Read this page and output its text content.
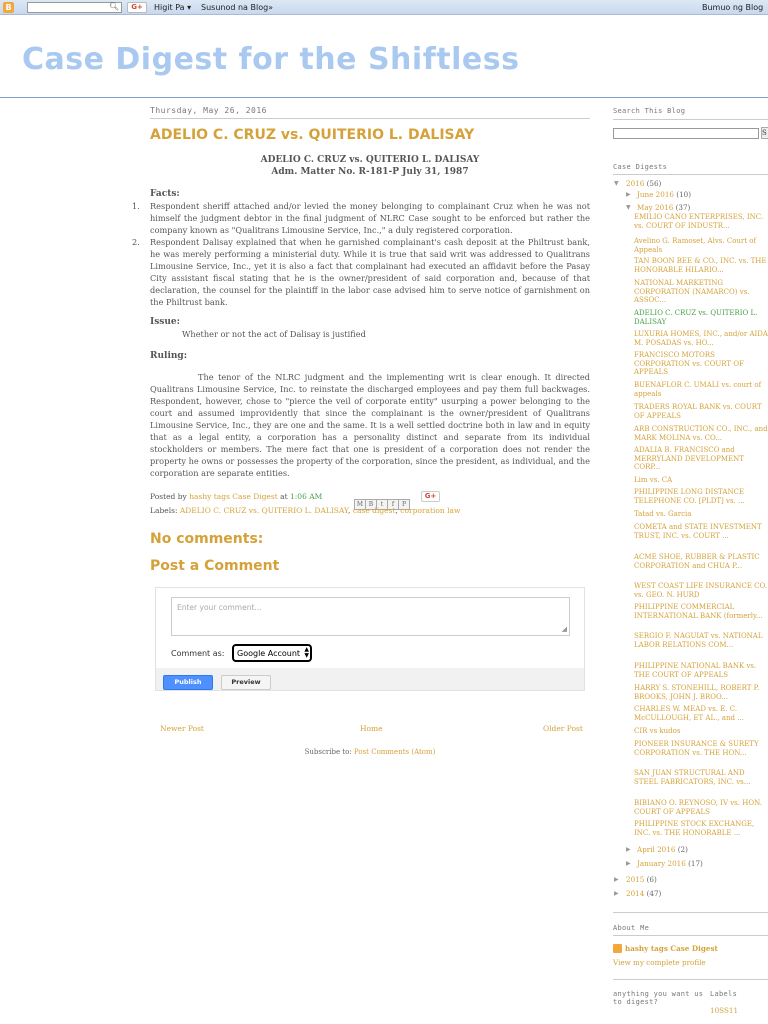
B	🔍︎	G+	Higit Pa ▾ Susunod na Blog»	Bumuo ng Blog
Case Digest for the Shiftless
Thursday, May 26, 2016
ADELIO C. CRUZ vs. QUITERIO L. DALISAY
ADELIO C. CRUZ vs. QUITERIO L. DALISAY
Adm. Matter No. R-181-P July 31, 1987
Facts:
1. Respondent sheriff attached and/or levied the money belonging to complainant Cruz when he was not himself the judgment debtor in the final judgment of NLRC Case sought to be enforced but rather the company known as "Qualitrans Limousine Service, Inc.," a duly registered corporation.
2. Respondent Dalisay explained that when he garnished complainant's cash deposit at the Philtrust bank, he was merely performing a ministerial duty. While it is true that said writ was addressed to Qualitrans Limousine Service, Inc., yet it is also a fact that complainant had executed an affidavit before the Pasay City assistant fiscal stating that he is the owner/president of said corporation and, because of that declaration, the counsel for the plaintiff in the labor case advised him to serve notice of garnishment on the Philtrust bank.
Issue:
Whether or not the act of Dalisay is justified
Ruling:
The tenor of the NLRC judgment and the implementing writ is clear enough. It directed Qualitrans Limousine Service, Inc. to reinstate the discharged employees and pay them full backwages. Respondent, however, chose to "pierce the veil of corporate entity" usurping a power belonging to the court and assumed improvidently that since the complainant is the owner/president of Qualitrans Limousine Service, Inc., they are one and the same. It is a well settled doctrine both in law and in equity that as a legal entity, a corporation has a personality distinct and separate from its individual stockholders or members. The mere fact that one is president of a corporation does not render the property he owns or possesses the property of the corporation, since the president, as individual, and the corporation are separate entities.
Posted by hashy tags Case Digest at 1:06 AM
M B t f P
G+
Labels: ADELIO C. CRUZ vs. QUITERIO L. DALISAY, case digest, corporation law
No comments:
Post a Comment
Enter your comment...
◢
Comment as:	Google Account ▲
▼
Publish	Preview
Newer Post	Home	Older Post
Subscribe to: Post Comments (Atom)
Search This Blog
S
Case Digests
▼ 2016 (56)
▶ June 2016 (10)
▼ May 2016 (37)
EMILIO CANO ENTERPRISES, INC. vs. COURT OF INDUSTR...
Avelino G. Ramoset, Alvs. Court of Appeals
TAN BOON BEE & CO., INC. vs. THE HONORABLE HILARIO...
NATIONAL MARKETING CORPORATION (NAMARCO) vs. ASSOC...
ADELIO C. CRUZ vs. QUITERIO L. DALISAY
LUXURIA HOMES, INC., and/or AIDA M. POSADAS vs. HO...
FRANCISCO MOTORS CORPORATION vs. COURT OF APPEALS
BUENAFLOR C. UMALI vs. court of appeals
TRADERS ROYAL BANK vs. COURT OF APPEALS
ARB CONSTRUCTION CO., INC., and MARK MOLINA vs. CO...
ADALIA B. FRANCISCO and MERRYLAND DEVELOPMENT CORP...
Lim vs. CA
PHILIPPINE LONG DISTANCE TELEPHONE CO. [PLDT] vs. ...
Tatad vs. Garcia
COMETA and STATE INVESTMENT TRUST, INC. vs. COURT ...
ACME SHOE, RUBBER & PLASTIC CORPORATION and CHUA P...
WEST COAST LIFE INSURANCE CO. vs. GEO. N. HURD
PHILIPPINE COMMERCIAL INTERNATIONAL BANK (formerly...
SERGIO F. NAGUIAT vs. NATIONAL LABOR RELATIONS COM...
PHILIPPINE NATIONAL BANK vs. THE COURT OF APPEALS
HARRY S. STONEHILL, ROBERT P. BROOKS, JOHN J. BROO...
CHARLES W. MEAD vs. E. C. McCULLOUGH, ET AL., and ...
CIR vs kudos
PIONEER INSURANCE & SURETY CORPORATION vs. THE HON...
SAN JUAN STRUCTURAL AND STEEL FABRICATORS, INC. vs...
BIBIANO O. REYNOSO, IV vs. HON. COURT OF APPEALS
PHILIPPINE STOCK EXCHANGE, INC. vs. THE HONORABLE ...
▶ April 2016 (2)
▶ January 2016 (17)
▶ 2015 (6)
▶ 2014 (47)
About Me
hashy tags Case Digest
View my complete profile
anything you want us to digest?
Labels
10SS11
